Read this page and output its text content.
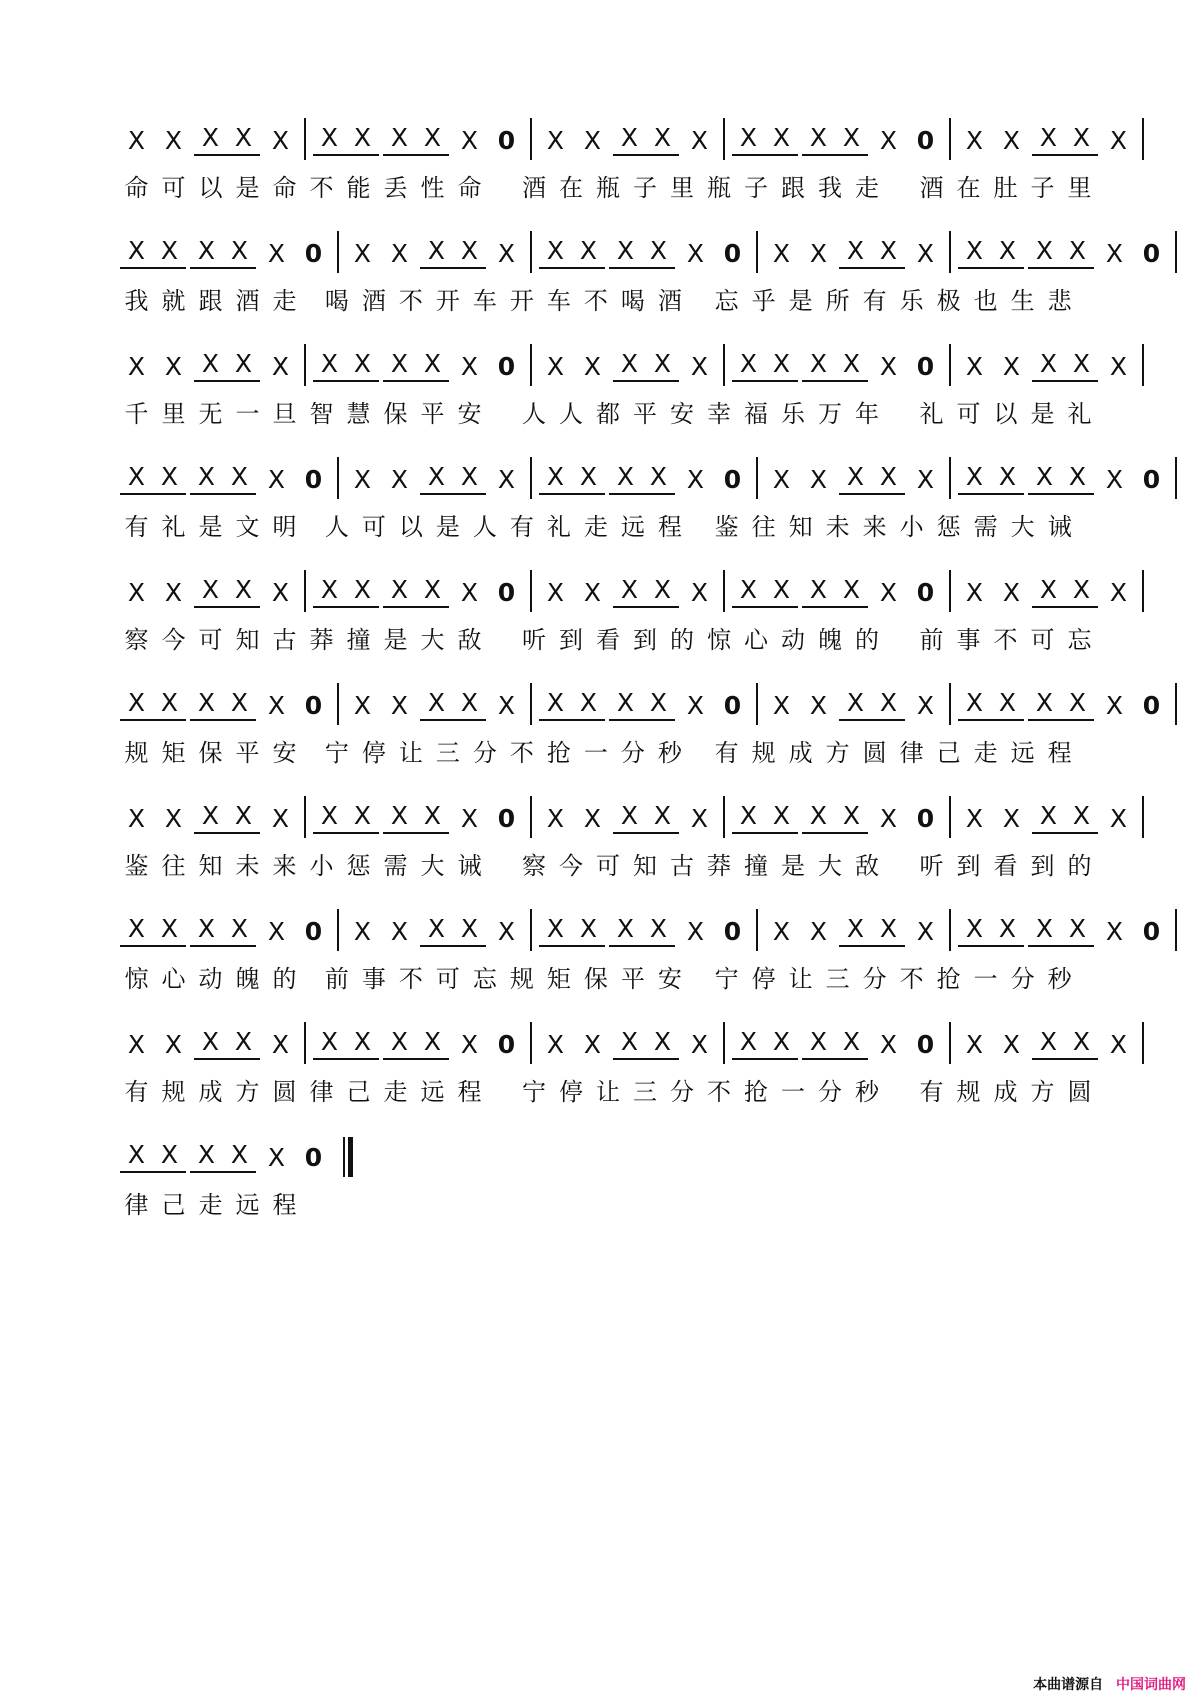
X X X X X	X X X X X 0	X X X X X	X X X X X 0	X X X X X
命 可 以 是 命 不 能 丢 性 命 酒 在 瓶 子 里 瓶 子 跟 我 走 酒 在 肚 子 里
X X X X X 0	X X X X X	X X X X X 0	X X X X X	X X X X X 0
我 就 跟 酒 走 喝 酒 不 开 车 开 车 不 喝 酒 忘 乎 是 所 有 乐 极 也 生 悲
X X X X X	X X X X X 0	X X X X X	X X X X X 0	X X X X X
千 里 无 一 旦 智 慧 保 平 安 人 人 都 平 安 幸 福 乐 万 年 礼 可 以 是 礼
X X X X X 0	X X X X X	X X X X X 0	X X X X X	X X X X X 0
有 礼 是 文 明 人 可 以 是 人 有 礼 走 远 程 鉴 往 知 未 来 小 惩 需 大 诫
X X X X X	X X X X X 0	X X X X X	X X X X X 0	X X X X X
察 今 可 知 古 莽 撞 是 大 敌 听 到 看 到 的 惊 心 动 魄 的 前 事 不 可 忘
X X X X X 0	X X X X X	X X X X X 0	X X X X X	X X X X X 0
规 矩 保 平 安 宁 停 让 三 分 不 抢 一 分 秒 有 规 成 方 圆 律 己 走 远 程
X X X X X	X X X X X 0	X X X X X	X X X X X 0	X X X X X
鉴 往 知 未 来 小 惩 需 大 诫 察 今 可 知 古 莽 撞 是 大 敌 听 到 看 到 的
X X X X X 0	X X X X X	X X X X X 0	X X X X X	X X X X X 0
惊 心 动 魄 的 前 事 不 可 忘 规 矩 保 平 安 宁 停 让 三 分 不 抢 一 分 秒
X X X X X	X X X X X 0	X X X X X	X X X X X 0	X X X X X
有 规 成 方 圆 律 己 走 远 程 宁 停 让 三 分 不 抢 一 分 秒 有 规 成 方 圆
X X X X X 0
律 己 走 远 程
本曲谱源自 中国词曲网
